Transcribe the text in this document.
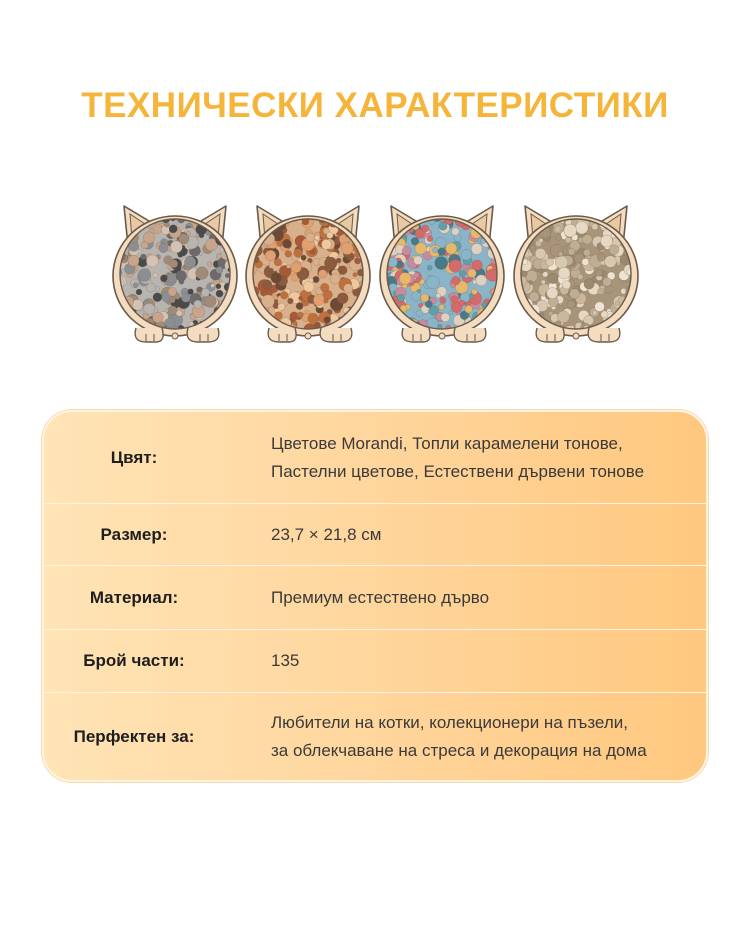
ТЕХНИЧЕСКИ ХАРАКТЕРИСТИКИ
Цвят:
Цветове Morandi, Топли карамелени тонове,
Пастелни цветове, Естествени дървени тонове
Размер:	23,7 × 21,8 см
Материал:	Премиум естествено дърво
Брой части:	135
Перфектен за:
Любители на котки, колекционери на пъзели,
за облекчаване на стреса и декорация на дома
